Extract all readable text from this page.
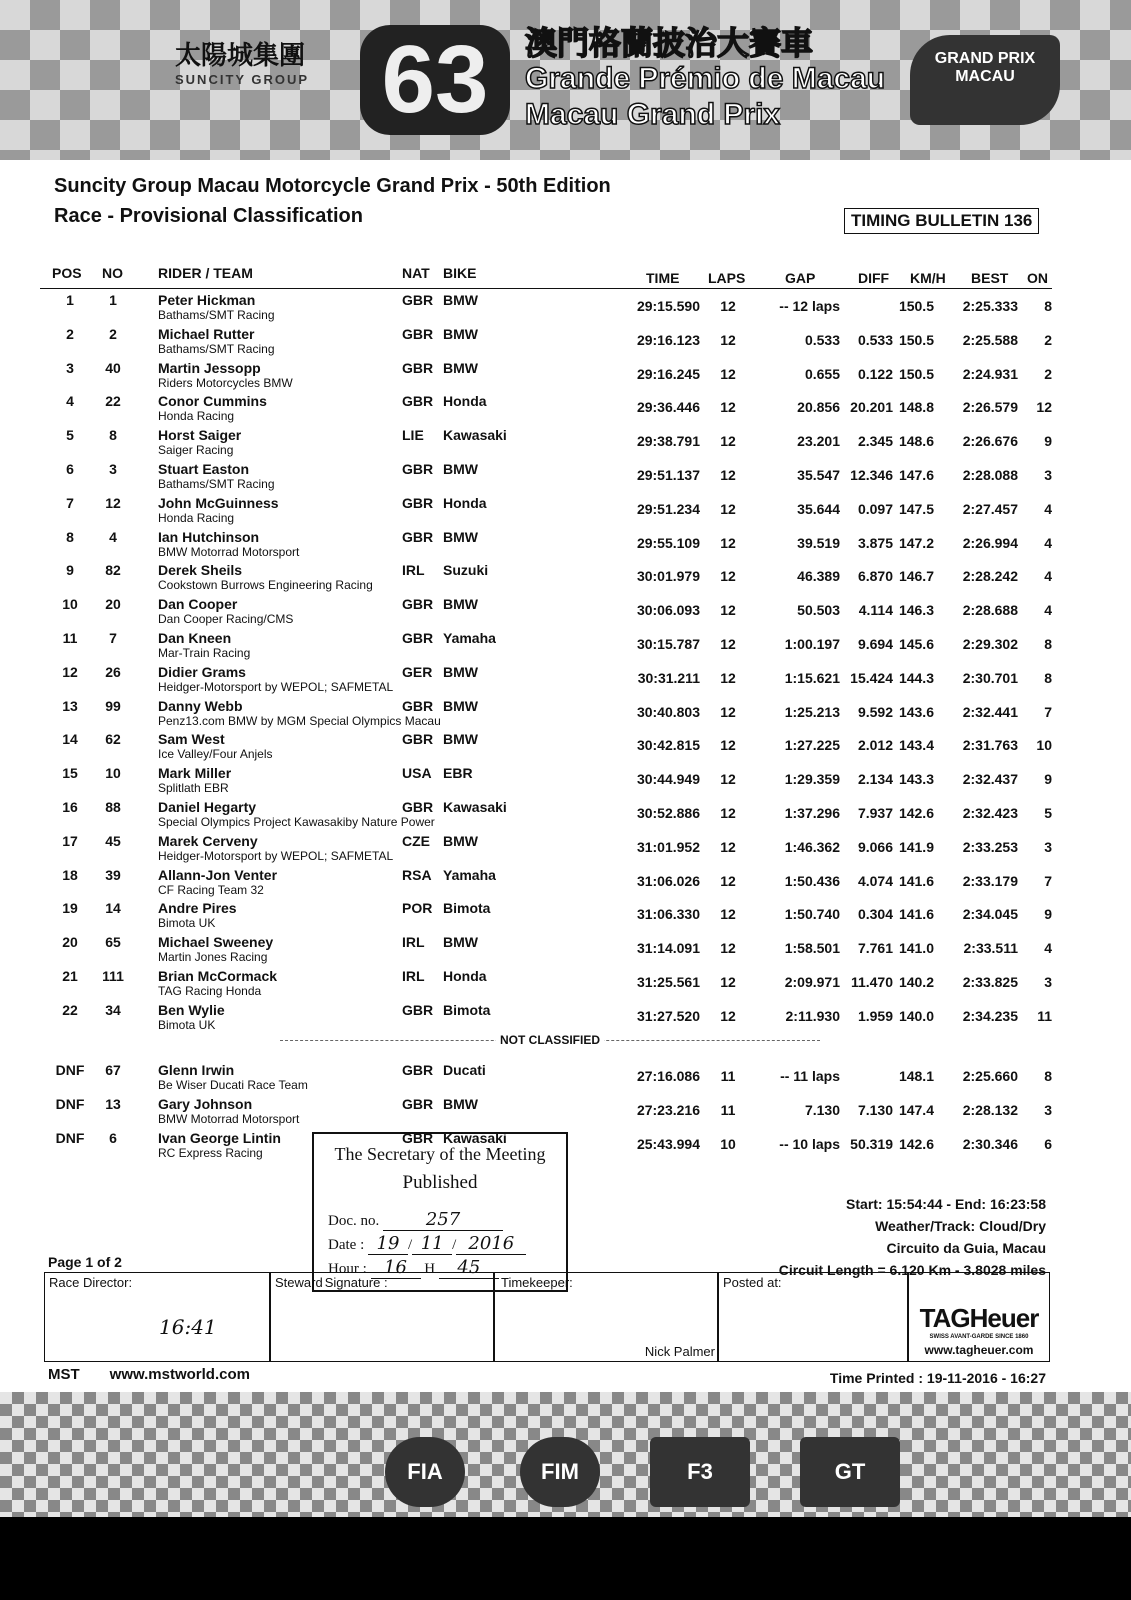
太陽城集團
SUNCITY GROUP 63	澳門格蘭披治大賽車
Grande Prémio de Macau
Macau Grand Prix
GRAND PRIX MACAU
Suncity Group Macau Motorcycle Grand Prix - 50th Edition
Race - Provisional Classification	TIMING BULLETIN 136
POS NO	RIDER / TEAM	NAT BIKE	TIME LAPS	GAP	DIFF KM/H BEST ON
1	1	Peter Hickman	GBR BMW	29:15.590	12	-- 12 laps	150.5	2:25.333	8
Bathams/SMT Racing
2	2	Michael Rutter	GBR BMW	29:16.123	12	0.533	0.533 150.5	2:25.588	2
Bathams/SMT Racing
3	40	Martin Jessopp	GBR BMW	29:16.245	12	0.655	0.122 150.5	2:24.931	2
Riders Motorcycles BMW
4	22	Conor Cummins	GBR Honda	29:36.446	12	20.856 20.201 148.8	2:26.579	12
Honda Racing
5	8	Horst Saiger	LIE Kawasaki	29:38.791	12	23.201	2.345 148.6	2:26.676	9
Saiger Racing
6	3	Stuart Easton	GBR BMW	29:51.137	12	35.547 12.346 147.6	2:28.088	3
Bathams/SMT Racing
7	12	John McGuinness	GBR Honda	29:51.234	12	35.644	0.097 147.5	2:27.457	4
Honda Racing
8	4	Ian Hutchinson	GBR BMW	29:55.109	12	39.519	3.875 147.2	2:26.994	4
BMW Motorrad Motorsport
9	82	Derek Sheils	IRL Suzuki	30:01.979	12	46.389	6.870 146.7	2:28.242	4
Cookstown Burrows Engineering Racing
10	20	Dan Cooper	GBR BMW	30:06.093	12	50.503	4.114 146.3	2:28.688	4
Dan Cooper Racing/CMS
11	7	Dan Kneen	GBR Yamaha	30:15.787	12	1:00.197	9.694 145.6	2:29.302	8
Mar-Train Racing
12	26	Didier Grams	GER BMW	30:31.211	12	1:15.621 15.424 144.3	2:30.701	8
Heidger-Motorsport by WEPOL; SAFMETAL
13	99	Danny Webb	GBR BMW	30:40.803	12	1:25.213	9.592 143.6	2:32.441	7
Penz13.com BMW by MGM Special Olympics Macau
14	62	Sam West	GBR BMW	30:42.815	12	1:27.225	2.012 143.4	2:31.763	10
Ice Valley/Four Anjels
15	10	Mark Miller	USA EBR	30:44.949	12	1:29.359	2.134 143.3	2:32.437	9
Splitlath EBR
16	88	Daniel Hegarty	GBR Kawasaki	30:52.886	12	1:37.296	7.937 142.6	2:32.423	5
Special Olympics Project Kawasakiby Nature Power
17	45	Marek Cerveny	CZE BMW	31:01.952	12	1:46.362	9.066 141.9	2:33.253	3
Heidger-Motorsport by WEPOL; SAFMETAL
18	39	Allann-Jon Venter	RSA Yamaha	31:06.026	12	1:50.436	4.074 141.6	2:33.179	7
CF Racing Team 32
19	14	Andre Pires	POR Bimota	31:06.330	12	1:50.740	0.304 141.6	2:34.045	9
Bimota UK
20	65	Michael Sweeney	IRL BMW	31:14.091	12	1:58.501	7.761 141.0	2:33.511	4
Martin Jones Racing
21	111 Brian McCormack	IRL Honda	31:25.561	12	2:09.971 11.470 140.2	2:33.825	3
TAG Racing Honda
22	34	Ben Wylie	GBR Bimota	31:27.520	12	2:11.930	1.959 140.0	2:34.235	11
Bimota UK
DNF	67	Glenn Irwin	GBR Ducati	27:16.086	11	-- 11 laps	148.1	2:25.660	8
Be Wiser Ducati Race Team
DNF	13	Gary Johnson	GBR BMW	27:23.216	11	7.130	7.130 147.4	2:28.132	3
BMW Motorrad Motorsport
DNF	6	Ivan George Lintin	GBR Kawasaki	25:43.994	10	-- 10 laps 50.319 142.6	2:30.346	6
RC Express Racing
NOT CLASSIFIED
The Secretary of the Meeting
Published
Doc. no.	257
Date : 19 / 11 / 2016
Hour : 16 H 45
Start: 15:54:44 - End: 16:23:58
Weather/Track: Cloud/Dry
Circuito da Guia, Macau
Circuit Length = 6.120 Km - 3.8028 miles
Page 1 of 2
Race Director:
16:41
Steward Signature :	Timekeeper:
Nick Palmer
Posted at:
TAGHeuer
SWISS AVANT-GARDE SINCE 1860
www.tagheuer.com
MST www.mstworld.com	Time Printed : 19-11-2016 - 16:27
FIA	FIM	F3	GT
